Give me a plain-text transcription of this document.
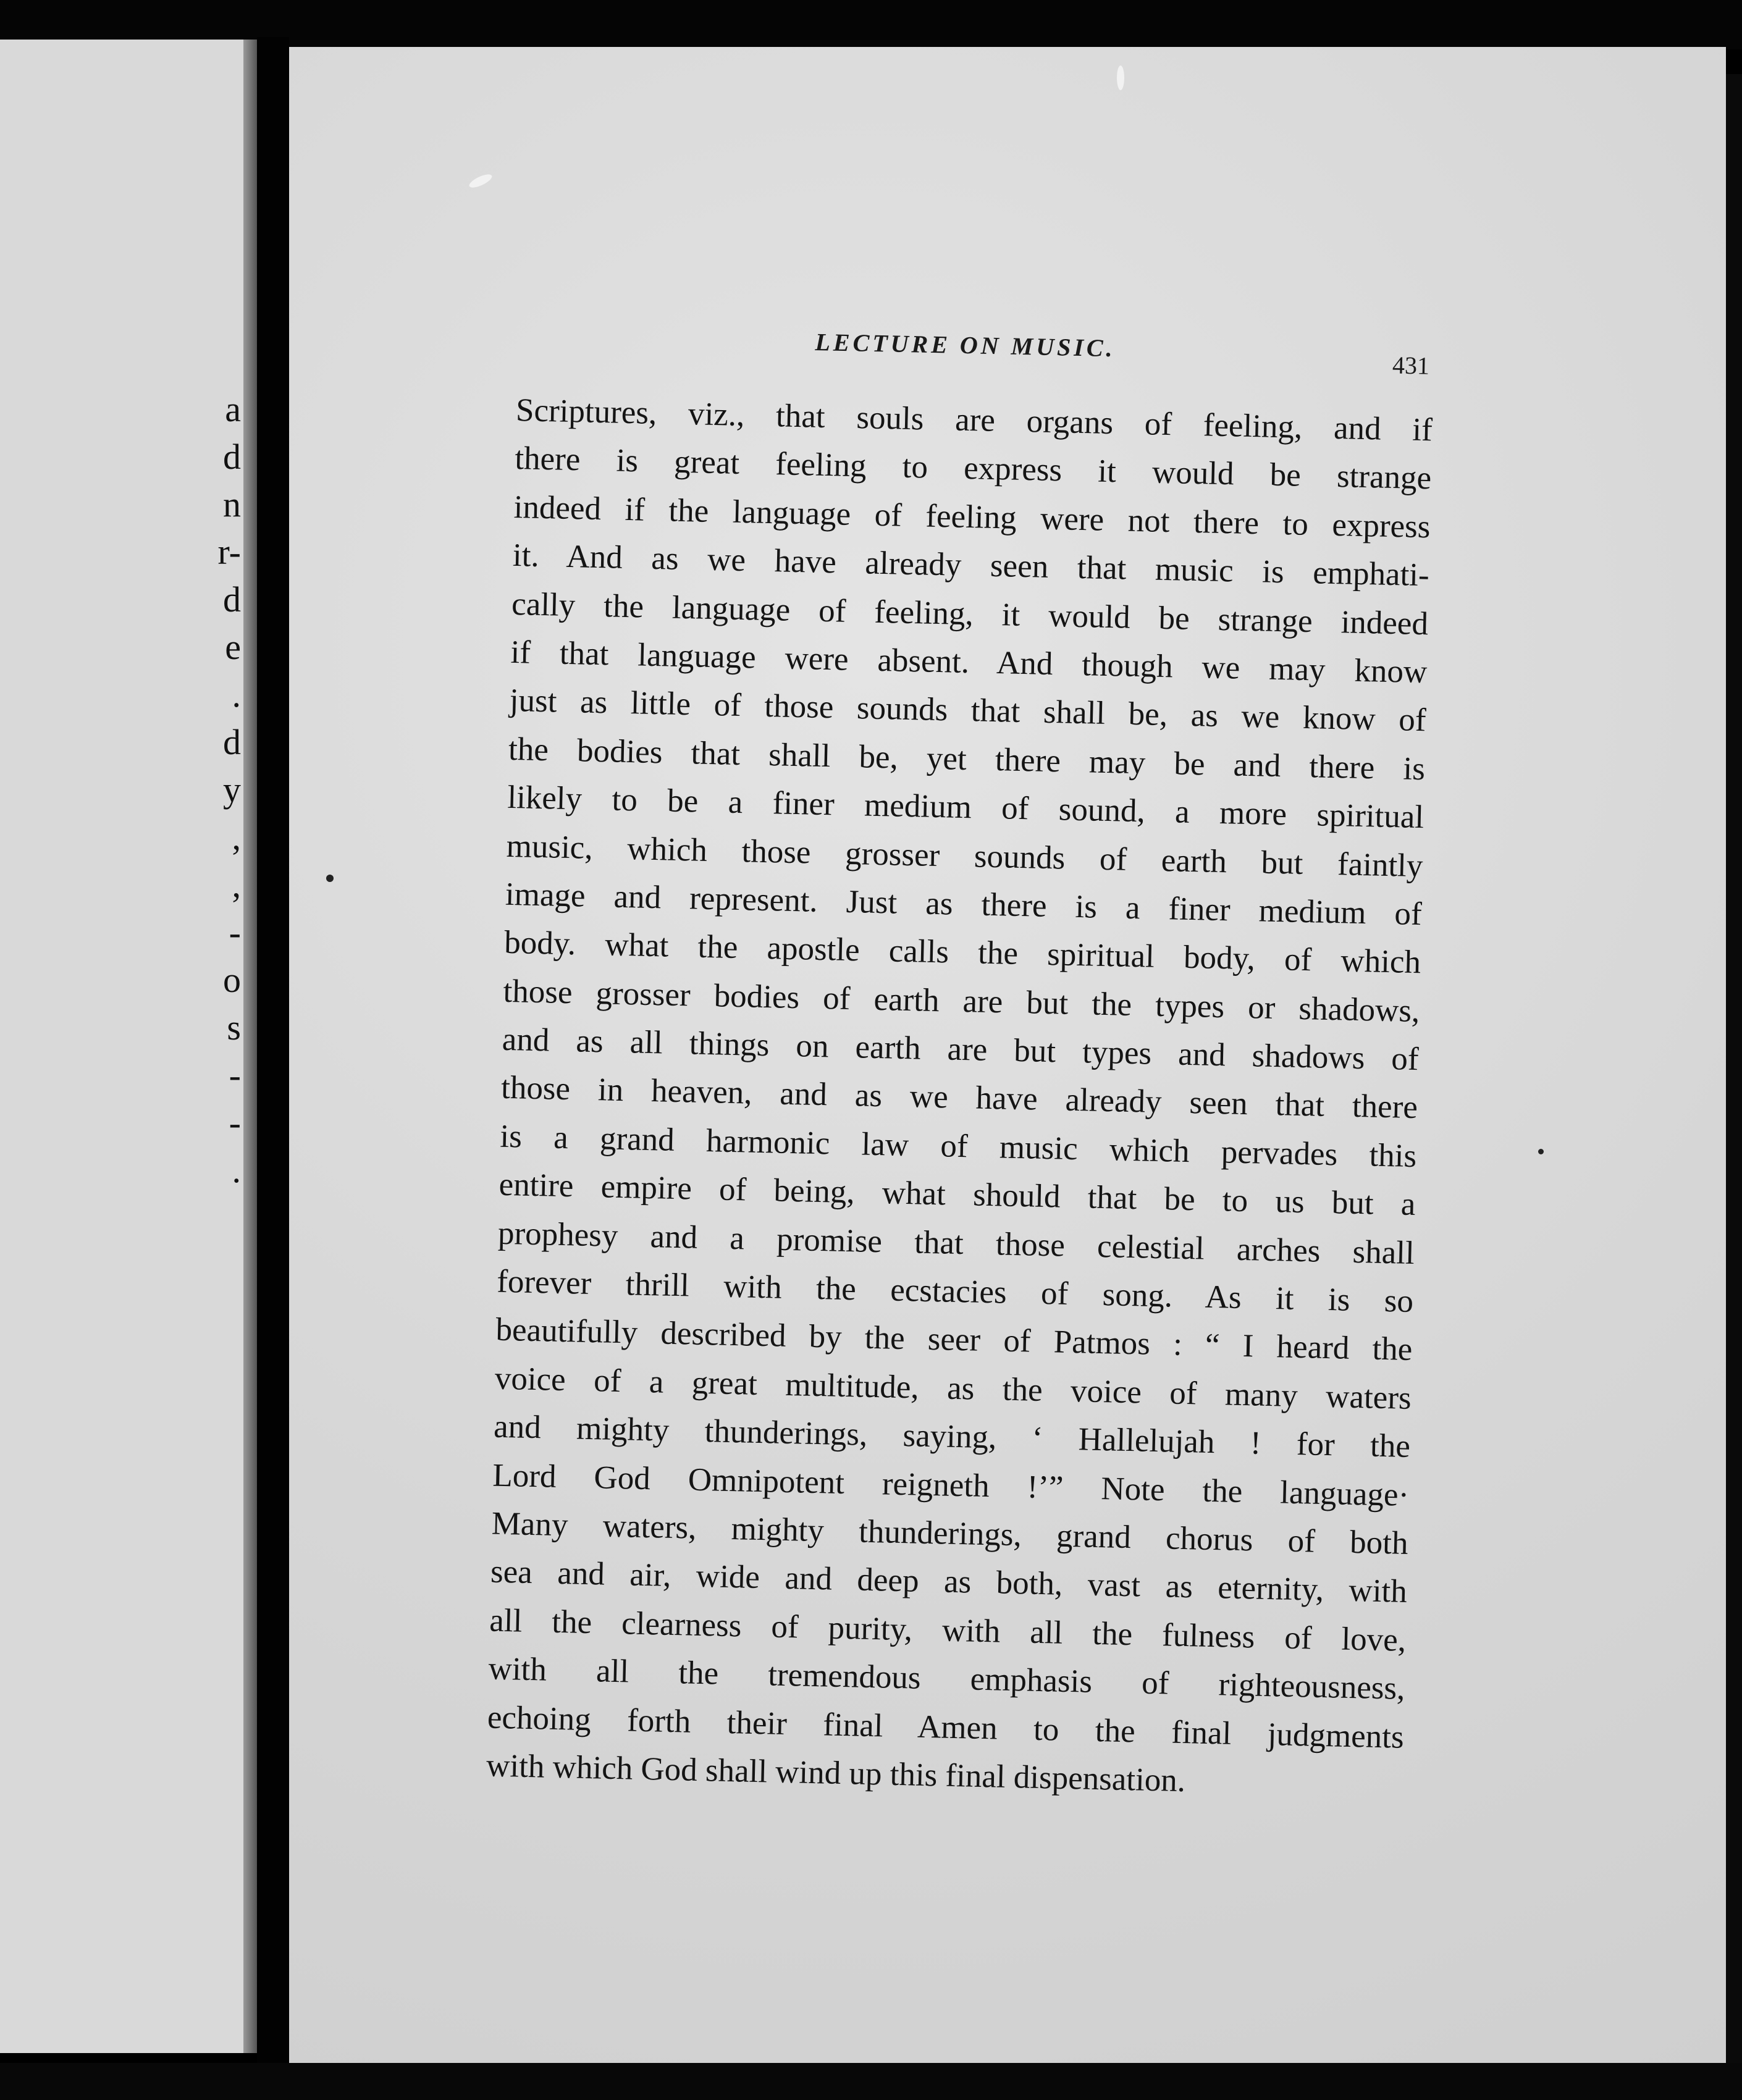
a
d
n
r-
d
e
.
d
y
,
,
-
o
s
-
-
.
LECTURE ON MUSIC.
431
Scriptures, viz., that souls are organs of feeling, and if
there is great feeling to express it would be strange
indeed if the language of feeling were not there to express
it. And as we have already seen that music is emphati-
cally the language of feeling, it would be strange indeed
if that language were absent. And though we may know
just as little of those sounds that shall be, as we know of
the bodies that shall be, yet there may be and there is
likely to be a finer medium of sound, a more spiritual
music, which those grosser sounds of earth but faintly
image and represent. Just as there is a finer medium of
body. what the apostle calls the spiritual body, of which
those grosser bodies of earth are but the types or shadows,
and as all things on earth are but types and shadows of
those in heaven, and as we have already seen that there
is a grand harmonic law of music which pervades this
entire empire of being, what should that be to us but a
prophesy and a promise that those celestial arches shall
forever thrill with the ecstacies of song. As it is so
beautifully described by the seer of Patmos : “ I heard the
voice of a great multitude, as the voice of many waters
and mighty thunderings, saying, ‘ Hallelujah ! for the
Lord God Omnipotent reigneth !’” Note the language·
Many waters, mighty thunderings, grand chorus of both
sea and air, wide and deep as both, vast as eternity, with
all the clearness of purity, with all the fulness of love,
with all the tremendous emphasis of righteousness,
echoing forth their final Amen to the final judgments
with which God shall wind up this final dispensation.
